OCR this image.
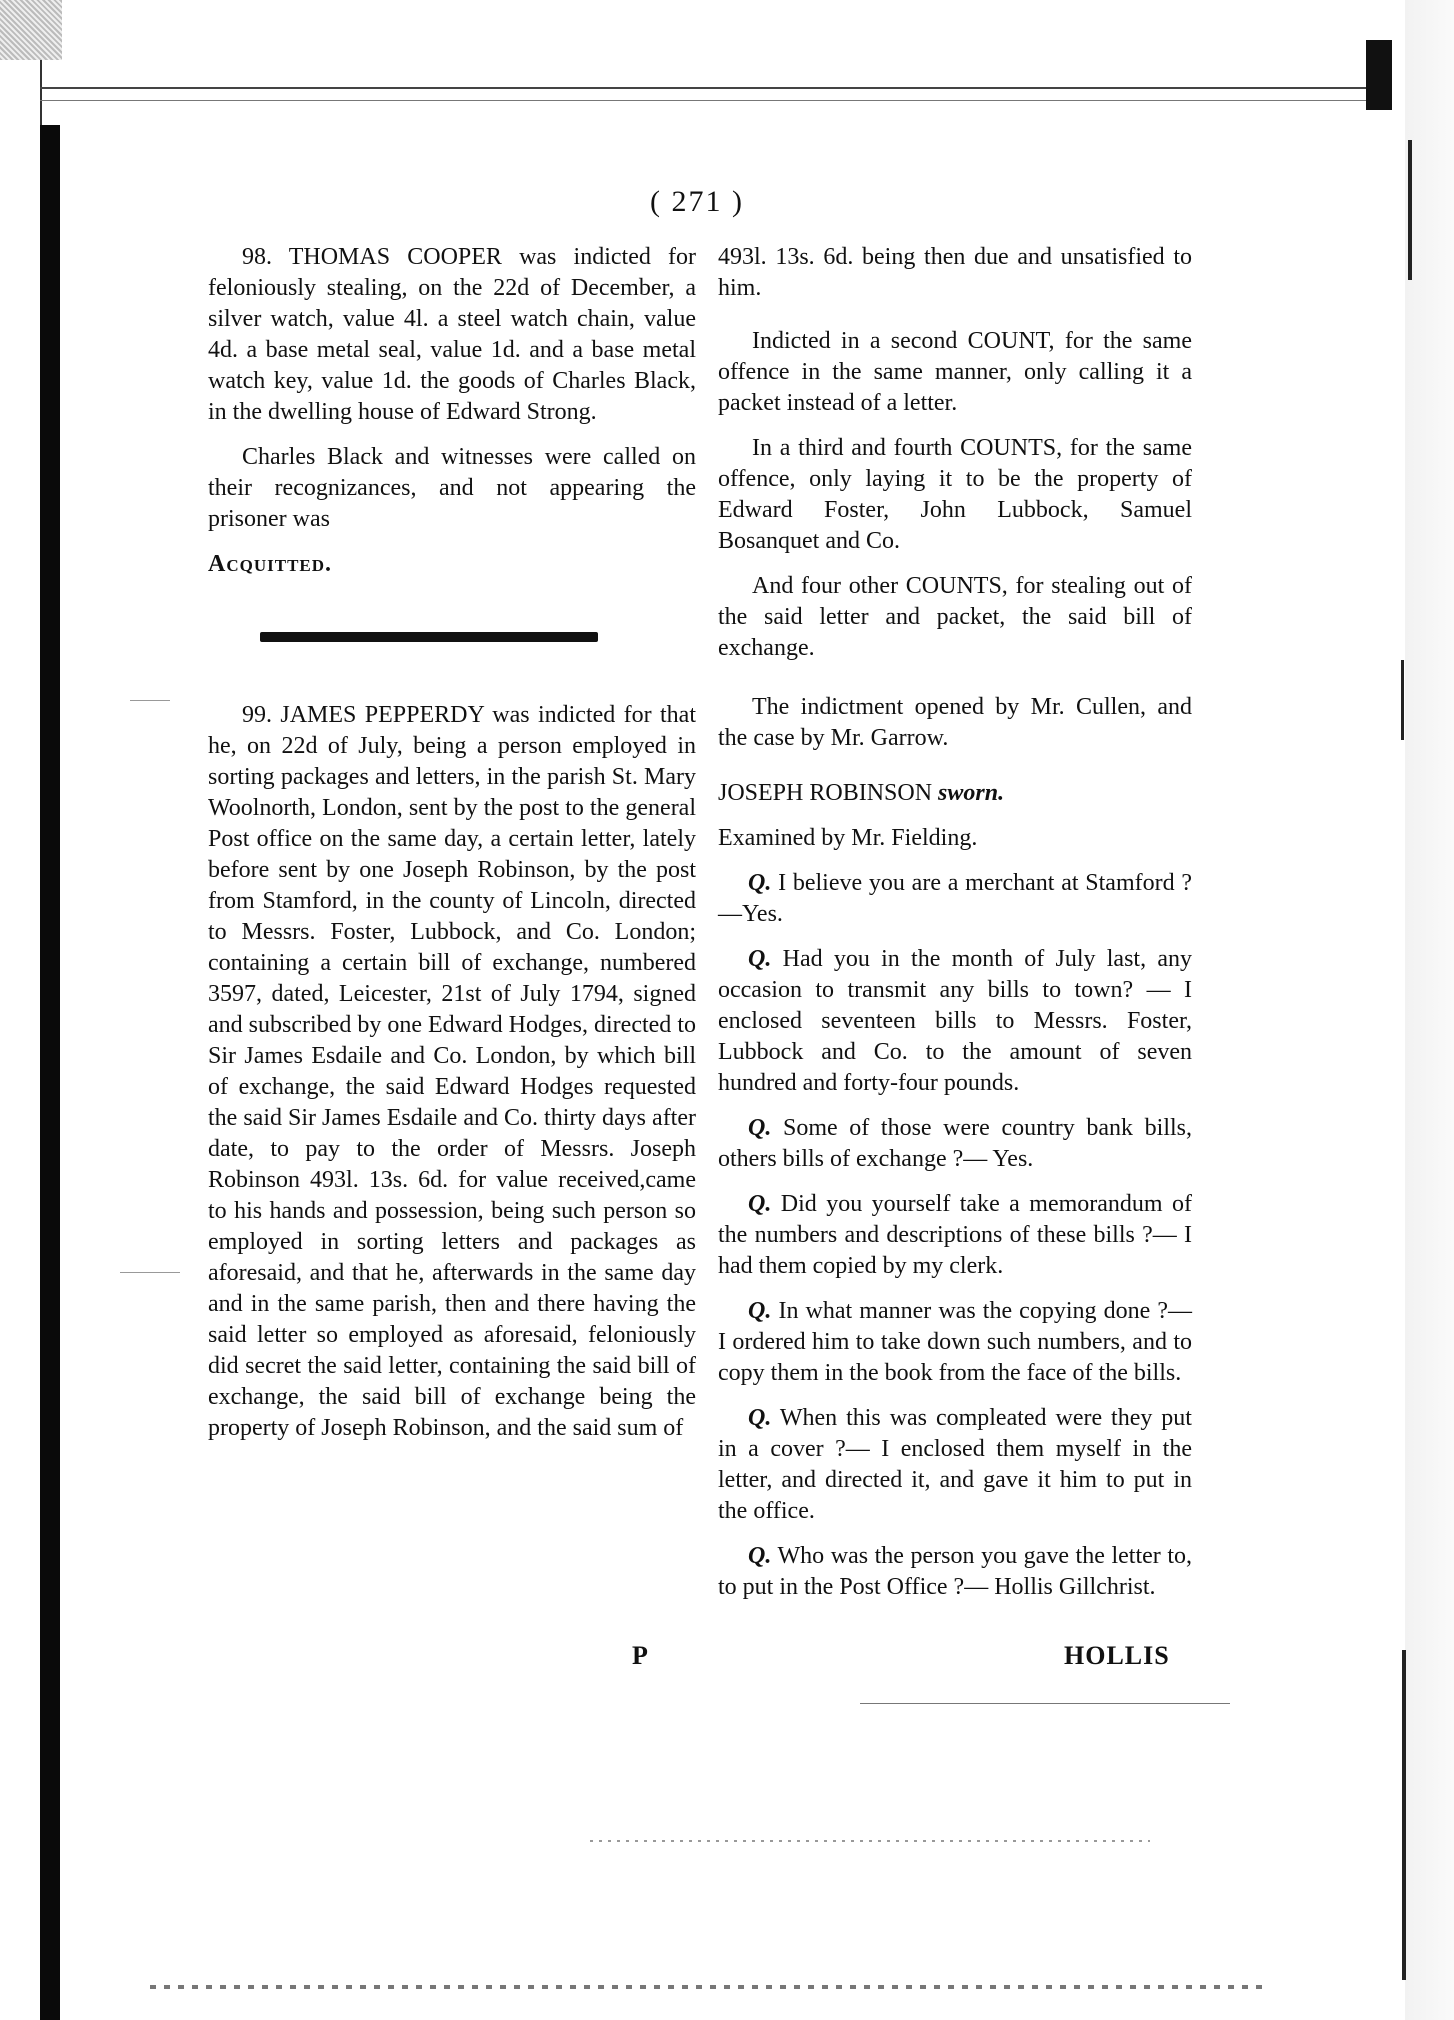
( 271 )

98. THOMAS COOPER was indicted for feloniously stealing, on the 22d of December, a silver watch, value 4l. a steel watch chain, value 4d. a base metal seal, value 1d. and a base metal watch key, value 1d. the goods of Charles Black, in the dwelling house of Edward Strong.

Charles Black and witnesses were called on their recognizances, and not appearing the prisoner was

Acquitted.

99. JAMES PEPPERDY was indicted for that he, on 22d of July, being a person employed in sorting packages and letters, in the parish St. Mary Woolnorth, London, sent by the post to the general Post office on the same day, a certain letter, lately before sent by one Joseph Robinson, by the post from Stamford, in the county of Lincoln, directed to Messrs. Foster, Lubbock, and Co. London; containing a certain bill of exchange, numbered 3597, dated, Leicester, 21st of July 1794, signed and subscribed by one Edward Hodges, directed to Sir James Esdaile and Co. London, by which bill of exchange, the said Edward Hodges requested the said Sir James Esdaile and Co. thirty days after date, to pay to the order of Messrs. Joseph Robinson 493l. 13s. 6d. for value received,came to his hands and possession, being such person so employed in sorting letters and packages as aforesaid, and that he, afterwards in the same day and in the same parish, then and there having the said letter so employed as aforesaid, feloniously did secret the said letter, containing the said bill of exchange, the said bill of exchange being the property of Joseph Robinson, and the said sum of

493l. 13s. 6d. being then due and unsatisfied to him.

Indicted in a second COUNT, for the same offence in the same manner, only calling it a packet instead of a letter.

In a third and fourth COUNTS, for the same offence, only laying it to be the property of Edward Foster, John Lubbock, Samuel Bosanquet and Co.

And four other COUNTS, for stealing out of the said letter and packet, the said bill of exchange.

The indictment opened by Mr. Cullen, and the case by Mr. Garrow.

JOSEPH ROBINSON sworn.

Examined by Mr. Fielding.

Q. I believe you are a merchant at Stamford ?—Yes.

Q. Had you in the month of July last, any occasion to transmit any bills to town? — I enclosed seventeen bills to Messrs. Foster, Lubbock and Co. to the amount of seven hundred and forty-four pounds.

Q. Some of those were country bank bills, others bills of exchange ?— Yes.

Q. Did you yourself take a memorandum of the numbers and descriptions of these bills ?— I had them copied by my clerk.

Q. In what manner was the copying done ?— I ordered him to take down such numbers, and to copy them in the book from the face of the bills.

Q. When this was compleated were they put in a cover ?— I enclosed them myself in the letter, and directed it, and gave it him to put in the office.

Q. Who was the person you gave the letter to, to put in the Post Office ?— Hollis Gillchrist.

P	HOLLIS
